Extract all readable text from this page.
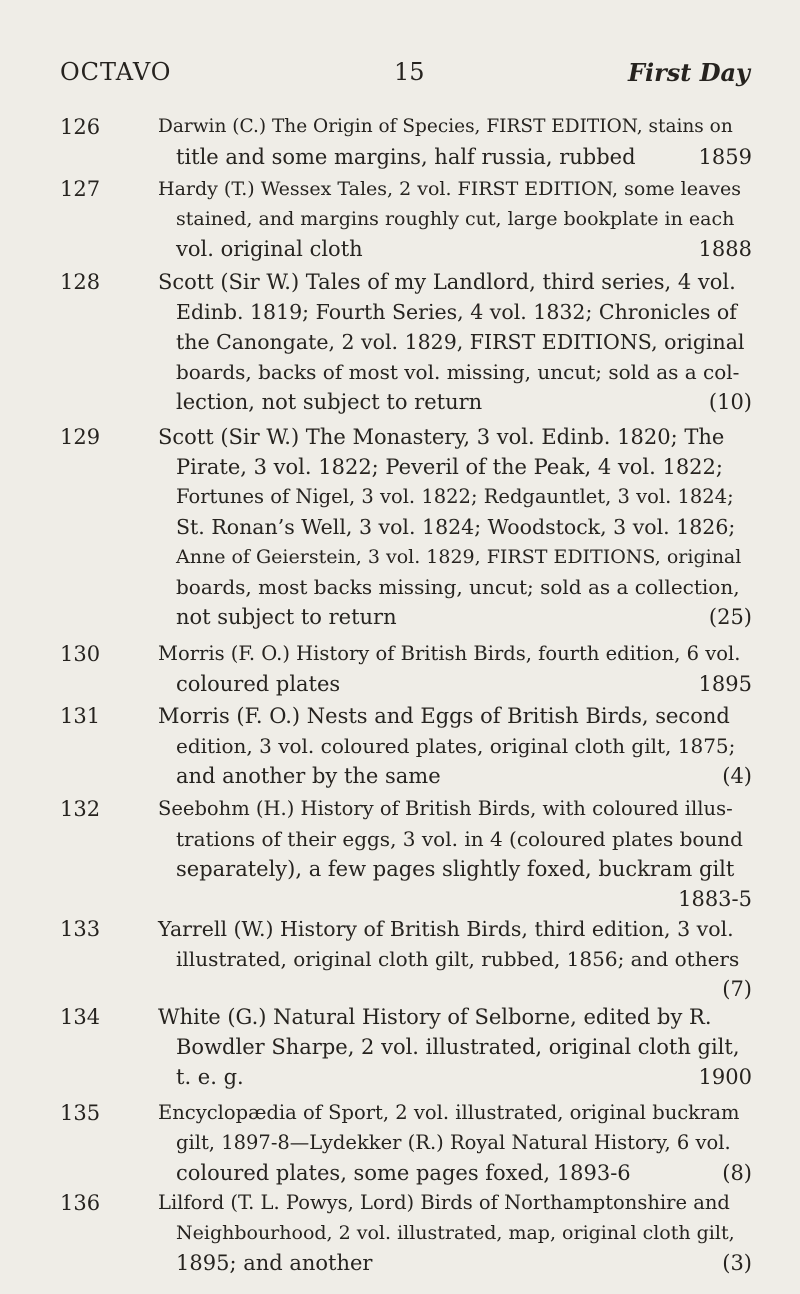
OCTAVO	15	First Day
126	Darwin (C.) The Origin of Species, FIRST EDITION, stains on
title and some margins, half russia, rubbed	1859
127	Hardy (T.) Wessex Tales, 2 vol. FIRST EDITION, some leaves
stained, and margins roughly cut, large bookplate in each
vol. original cloth	1888
128	Scott (Sir W.) Tales of my Landlord, third series, 4 vol.
Edinb. 1819; Fourth Series, 4 vol. 1832; Chronicles of
the Canongate, 2 vol. 1829, FIRST EDITIONS, original
boards, backs of most vol. missing, uncut; sold as a col-
lection, not subject to return	(10)
129	Scott (Sir W.) The Monastery, 3 vol. Edinb. 1820; The
Pirate, 3 vol. 1822; Peveril of the Peak, 4 vol. 1822;
Fortunes of Nigel, 3 vol. 1822; Redgauntlet, 3 vol. 1824;
St. Ronan’s Well, 3 vol. 1824; Woodstock, 3 vol. 1826;
Anne of Geierstein, 3 vol. 1829, FIRST EDITIONS, original
boards, most backs missing, uncut; sold as a collection,
not subject to return	(25)
130	Morris (F. O.) History of British Birds, fourth edition, 6 vol.
coloured plates	1895
131	Morris (F. O.) Nests and Eggs of British Birds, second
edition, 3 vol. coloured plates, original cloth gilt, 1875;
and another by the same	(4)
132	Seebohm (H.) History of British Birds, with coloured illus-
trations of their eggs, 3 vol. in 4 (coloured plates bound
separately), a few pages slightly foxed, buckram gilt
1883-5
133	Yarrell (W.) History of British Birds, third edition, 3 vol.
illustrated, original cloth gilt, rubbed, 1856; and others
(7)
134	White (G.) Natural History of Selborne, edited by R.
Bowdler Sharpe, 2 vol. illustrated, original cloth gilt,
t. e. g.	1900
135	Encyclopædia of Sport, 2 vol. illustrated, original buckram
gilt, 1897-8—Lydekker (R.) Royal Natural History, 6 vol.
coloured plates, some pages foxed, 1893-6	(8)
136	Lilford (T. L. Powys, Lord) Birds of Northamptonshire and
Neighbourhood, 2 vol. illustrated, map, original cloth gilt,
1895; and another	(3)
